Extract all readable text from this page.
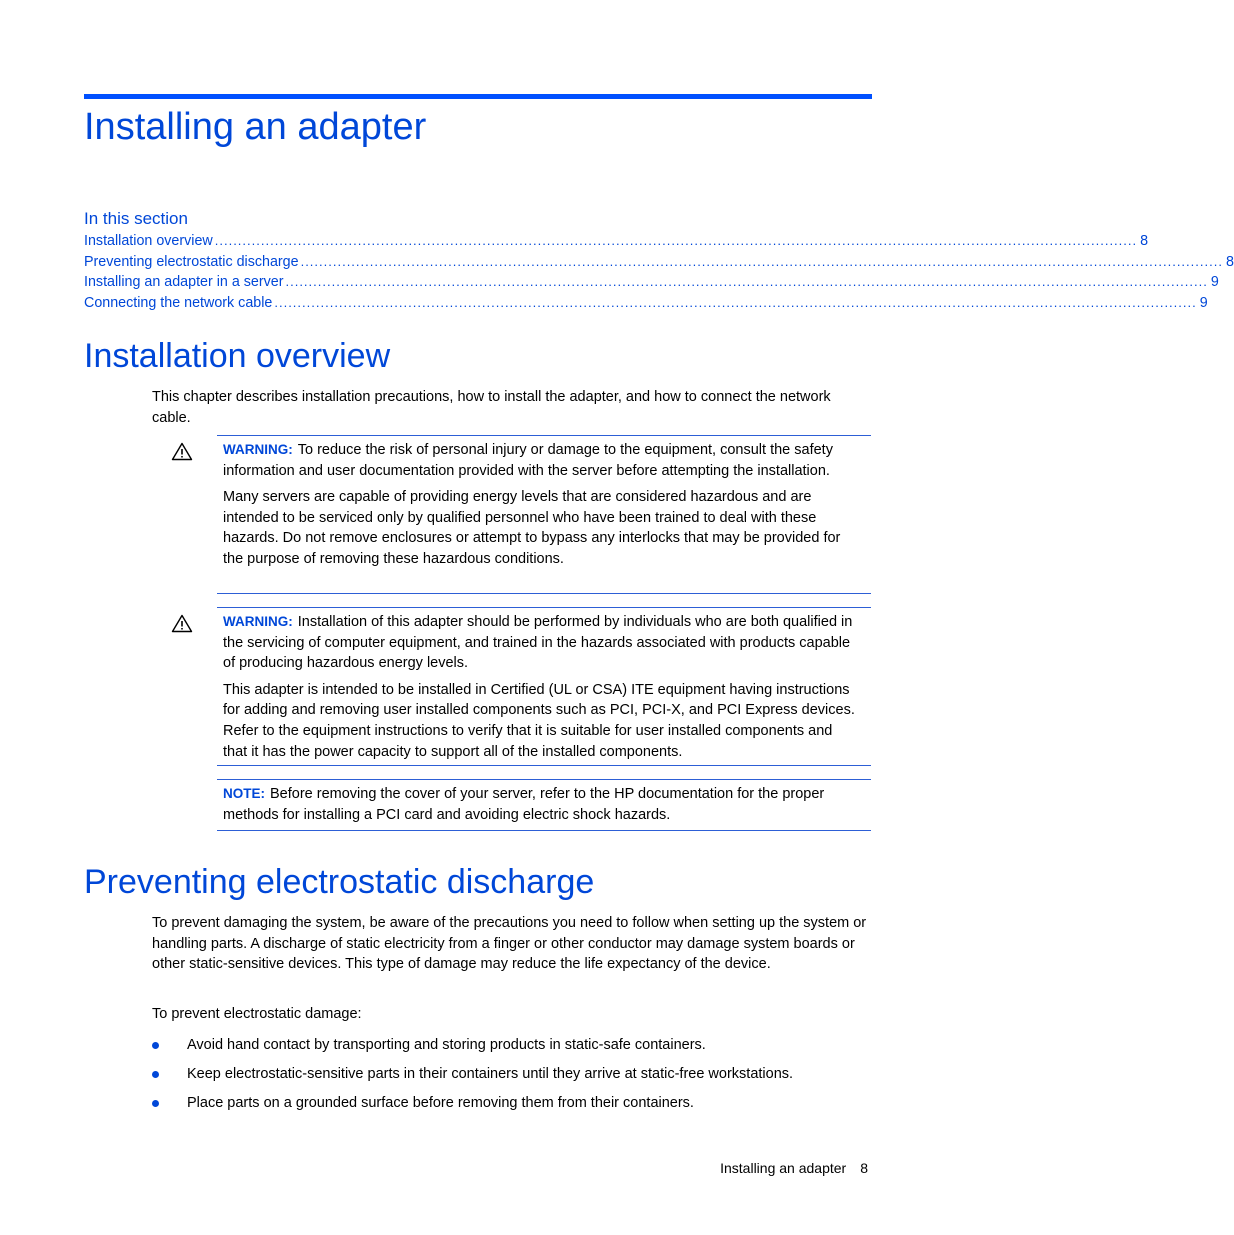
Installing an adapter
In this section
Installation overview ........................................................................................................................................................................................................ 8
Preventing electrostatic discharge ........................................................................................................................................................................................................ 8
Installing an adapter in a server ........................................................................................................................................................................................................ 9
Connecting the network cable ........................................................................................................................................................................................................ 9
Installation overview

This chapter describes installation precautions, how to install the adapter, and how to connect the network cable.

WARNING: To reduce the risk of personal injury or damage to the equipment, consult the safety information and user documentation provided with the server before attempting the installation.

Many servers are capable of providing energy levels that are considered hazardous and are intended to be serviced only by qualified personnel who have been trained to deal with these hazards. Do not remove enclosures or attempt to bypass any interlocks that may be provided for the purpose of removing these hazardous conditions.

WARNING: Installation of this adapter should be performed by individuals who are both qualified in the servicing of computer equipment, and trained in the hazards associated with products capable of producing hazardous energy levels.

This adapter is intended to be installed in Certified (UL or CSA) ITE equipment having instructions for adding and removing user installed components such as PCI, PCI-X, and PCI Express devices. Refer to the equipment instructions to verify that it is suitable for user installed components and that it has the power capacity to support all of the installed components.

NOTE: Before removing the cover of your server, refer to the HP documentation for the proper methods for installing a PCI card and avoiding electric shock hazards.

Preventing electrostatic discharge

To prevent damaging the system, be aware of the precautions you need to follow when setting up the system or handling parts. A discharge of static electricity from a finger or other conductor may damage system boards or other static-sensitive devices. This type of damage may reduce the life expectancy of the device.

To prevent electrostatic damage:

Avoid hand contact by transporting and storing products in static-safe containers.
Keep electrostatic-sensitive parts in their containers until they arrive at static-free workstations.
Place parts on a grounded surface before removing them from their containers.
Installing an adapter 8
